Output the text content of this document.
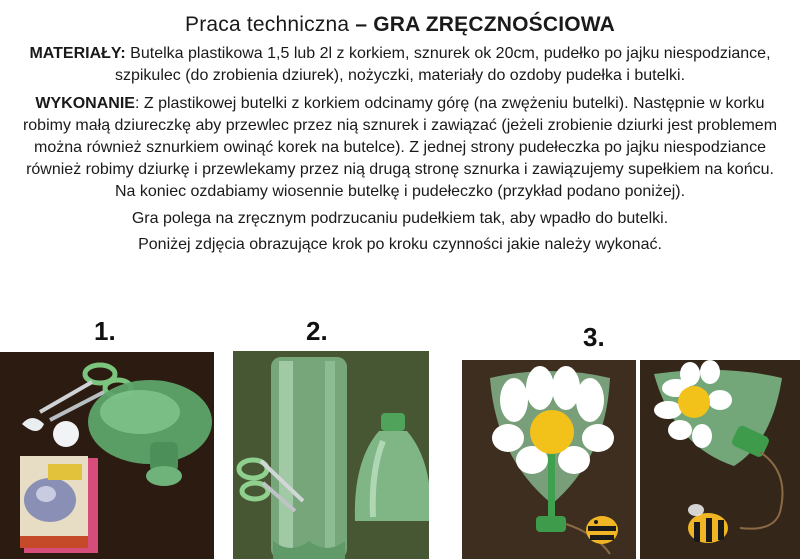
Praca techniczna – GRA ZRĘCZNOŚCIOWA
MATERIAŁY: Butelka plastikowa 1,5 lub 2l z korkiem, sznurek ok 20cm, pudełko po jajku niespodziance, szpikulec (do zrobienia dziurek), nożyczki, materiały do ozdoby pudełka i butelki.
WYKONANIE: Z plastikowej butelki z korkiem odcinamy górę (na zwężeniu butelki). Następnie w korku robimy małą dziureczkę aby przewlec przez nią sznurek i zawiązać (jeżeli zrobienie dziurki jest problemem można również sznurkiem owinąć korek na butelce). Z jednej strony pudełeczka po jajku niespodziance również robimy dziurkę i przewlekamy przez nią drugą stronę sznurka i zawiązujemy supełkiem na końcu. Na koniec ozdabiamy wiosennie butelkę i pudełeczko (przykład podano poniżej).
Gra polega na zręcznym podrzucaniu pudełkiem tak, aby wpadło do butelki.
Poniżej zdjęcia obrazujące krok po kroku czynności jakie należy wykonać.
1.	2.	3.
